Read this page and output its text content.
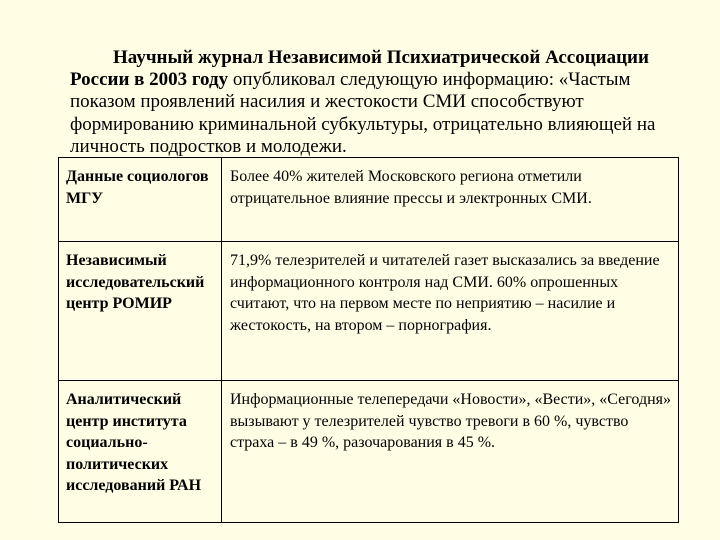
Научный журнал Независимой Психиатрической Ассоциации России в 2003 году опубликовал следующую информацию: «Частым показом проявлений насилия и жестокости СМИ способствуют формированию криминальной субкультуры, отрицательно влияющей на личность подростков и молодежи.

Данные социологов МГУ	Более 40% жителей Московского региона отметили отрицательное влияние прессы и электронных СМИ.
Независимый исследовательский центр РОМИР	71,9% телезрителей и читателей газет высказались за введение информационного контроля над СМИ. 60% опрошенных считают, что на первом месте по неприятию – насилие и жестокость, на втором – порнография.
Аналитический центр института социально-политических исследований РАН	Информационные телепередачи «Новости», «Вести», «Сегодня» вызывают у телезрителей чувство тревоги в 60 %, чувство страха – в 49 %, разочарования в 45 %.
